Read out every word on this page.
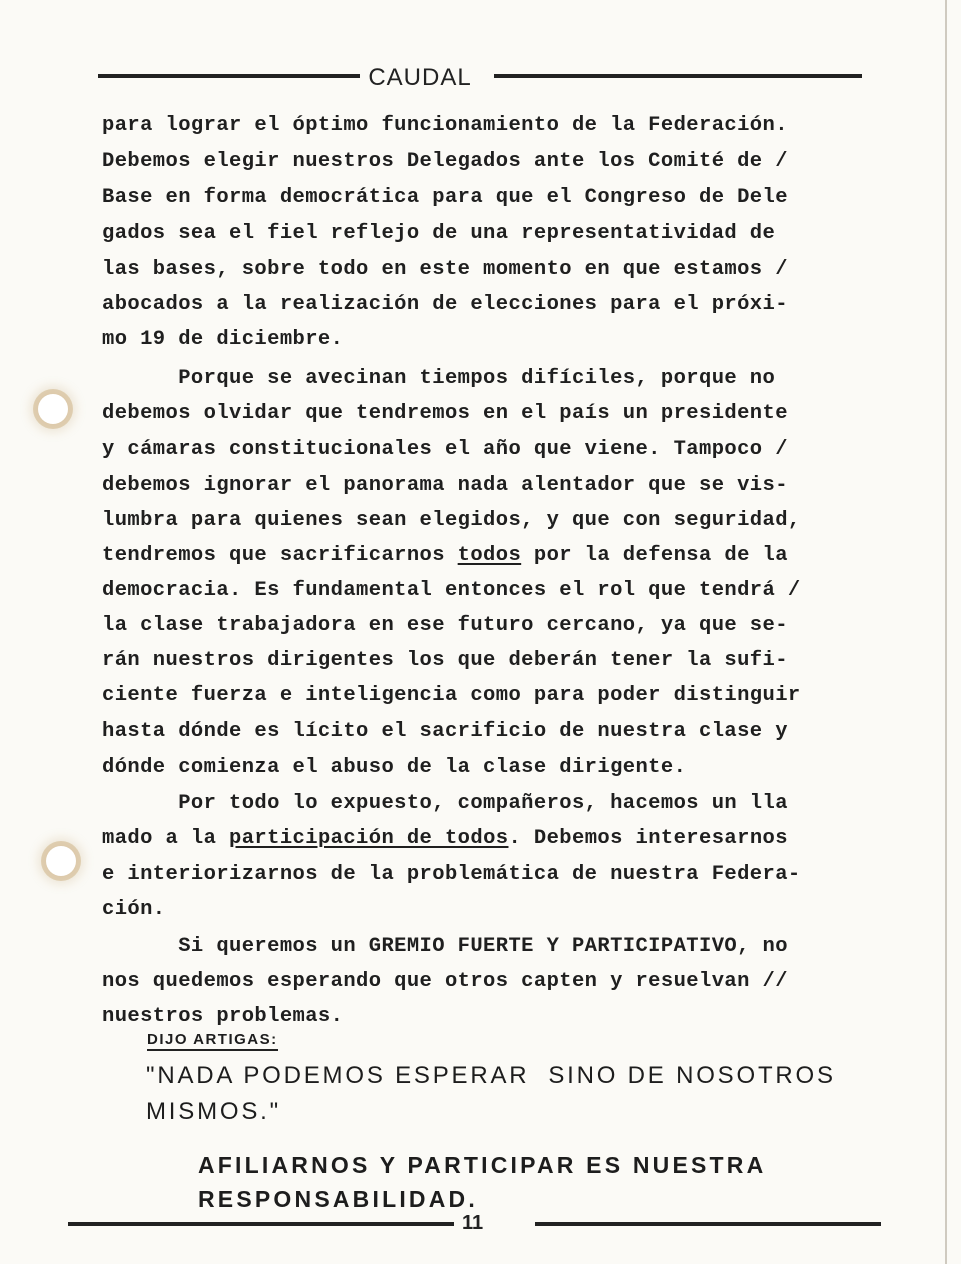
CAUDAL
para lograr el óptimo funcionamiento de la Federación.
Debemos elegir nuestros Delegados ante los Comité de /
Base en forma democrática para que el Congreso de Dele
gados sea el fiel reflejo de una representatividad de
las bases, sobre todo en este momento en que estamos /
abocados a la realización de elecciones para el próxi-
mo 19 de diciembre.
Porque se avecinan tiempos difíciles, porque no
debemos olvidar que tendremos en el país un presidente
y cámaras constitucionales el año que viene. Tampoco /
debemos ignorar el panorama nada alentador que se vis-
lumbra para quienes sean elegidos, y que con seguridad,
tendremos que sacrificarnos todos por la defensa de la
democracia. Es fundamental entonces el rol que tendrá /
la clase trabajadora en ese futuro cercano, ya que se-
rán nuestros dirigentes los que deberán tener la sufi-
ciente fuerza e inteligencia como para poder distinguir
hasta dónde es lícito el sacrificio de nuestra clase y
dónde comienza el abuso de la clase dirigente.
Por todo lo expuesto, compañeros, hacemos un lla
mado a la participación de todos. Debemos interesarnos
e interiorizarnos de la problemática de nuestra Federa-
ción.
Si queremos un GREMIO FUERTE Y PARTICIPATIVO, no
nos quedemos esperando que otros capten y resuelvan //
nuestros problemas.
DIJO ARTIGAS:
"NADA PODEMOS ESPERAR  SINO DE NOSOTROS
MISMOS."
AFILIARNOS Y PARTICIPAR ES NUESTRA
RESPONSABILIDAD.
11
